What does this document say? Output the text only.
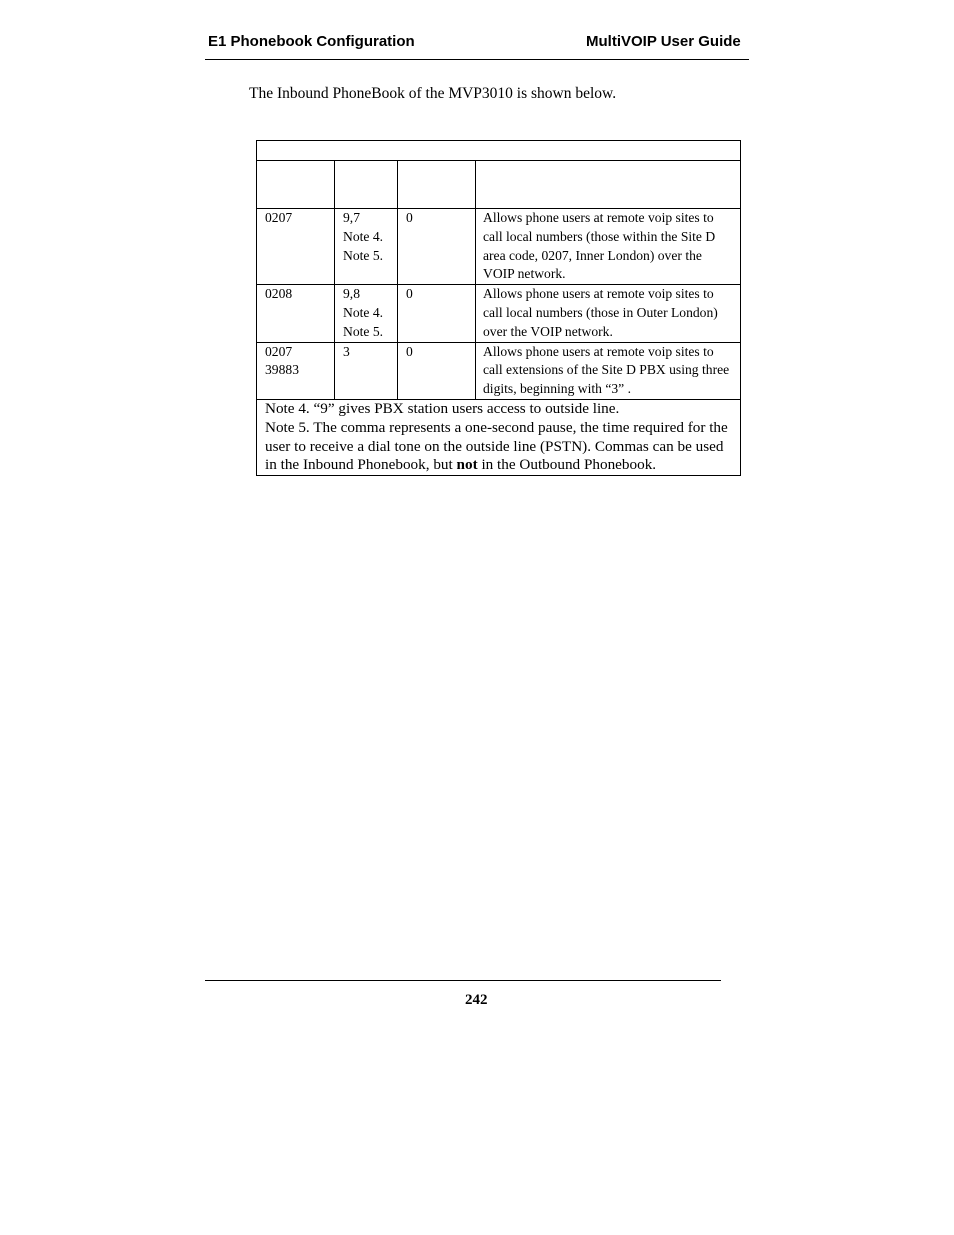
E1 Phonebook Configuration	MultiVOIP User Guide
The Inbound PhoneBook of the MVP3010 is shown below.

0207	9,7
Note 4.
Note 5.	0	Allows phone users at remote voip sites to call local numbers (those within the Site D area code, 0207, Inner London) over the VOIP network.

0208	9,8
Note 4.
Note 5.	0	Allows phone users at remote voip sites to call local numbers (those in Outer London) over the VOIP network.

0207
39883	3	0	Allows phone users at remote voip sites to call extensions of the Site D PBX using three digits, beginning with “3” .

Note 4. “9” gives PBX station users access to outside line.
Note 5. The comma represents a one-second pause, the time required for the user to receive a dial tone on the outside line (PSTN). Commas can be used in the Inbound Phonebook, but not in the Outbound Phonebook.			
242
